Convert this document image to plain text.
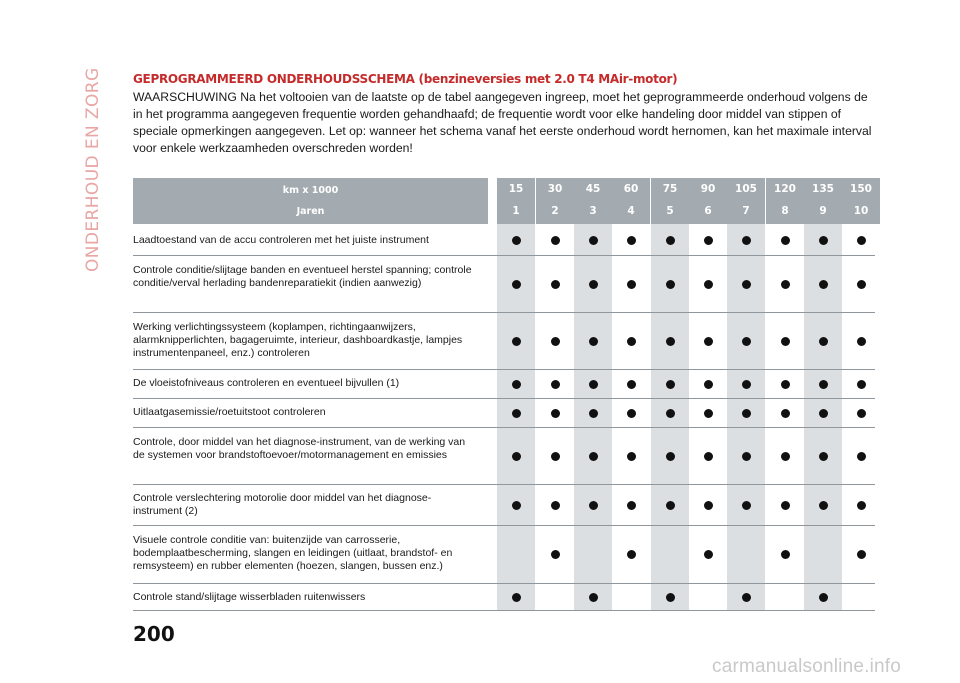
ONDERHOUD EN ZORG	GEPROGRAMMEERD ONDERHOUDSSCHEMA (benzineversies met 2.0 T4 MAir-motor)
WAARSCHUWING Na het voltooien van de laatste op de tabel aangegeven ingreep, moet het geprogrammeerde onderhoud volgens de in het programma aangegeven frequentie worden gehandhaafd; de frequentie wordt voor elke handeling door middel van stippen of speciale opmerkingen aangegeven. Let op: wanneer het schema vanaf het eerste onderhoud wordt hernomen, kan het maximale interval voor enkele werkzaamheden overschreden worden!
km x 1000
Jaren
15
1
30
2
45
3
60
4
75
5
90
6
105
7
120
8
135
9
150
10
Laadtoestand van de accu controleren met het juiste instrument
Controle conditie/slijtage banden en eventueel herstel spanning; controle conditie/verval herlading bandenreparatiekit (indien aanwezig)
Werking verlichtingssysteem (koplampen, richtingaanwijzers, alarmknipperlichten, bagageruimte, interieur, dashboardkastje, lampjes instrumentenpaneel, enz.) controleren
De vloeistofniveaus controleren en eventueel bijvullen (1)
Uitlaatgasemissie/roetuitstoot controleren
Controle, door middel van het diagnose-instrument, van de werking van de systemen voor brandstoftoevoer/motormanagement en emissies
Controle verslechtering motorolie door middel van het diagnose-instrument (2)
Visuele controle conditie van: buitenzijde van carrosserie, bodemplaatbescherming, slangen en leidingen (uitlaat, brandstof- en remsysteem) en rubber elementen (hoezen, slangen, bussen enz.)
Controle stand/slijtage wisserbladen ruitenwissers
200
carmanualsonline.info
